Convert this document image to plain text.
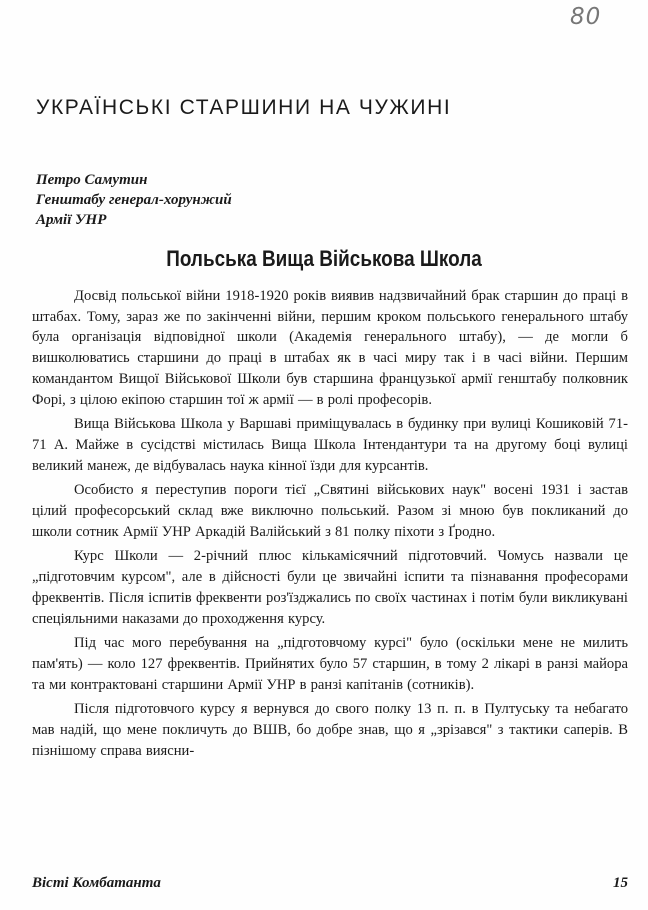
80
УКРАЇНСЬКІ СТАРШИНИ НА ЧУЖИНІ
Петро Самутин
Генштабу генерал-хорунжий
Армії УНР
Польська Вища Військова Школа

Досвід польської війни 1918-1920 років виявив надзвичайний брак старшин до праці в штабах. Тому, зараз же по закінченні війни, першим кроком польського генерального штабу була організація відповідної школи (Академія генерального штабу), — де могли б вишколюватись старшини до праці в штабах як в часі миру так і в часі війни. Першим командантом Вищої Військової Школи був старшина французької армії генштабу полковник Форі, з цілою екіпою старшин тої ж армії — в ролі професорів.

Вища Військова Школа у Варшаві приміщувалась в будинку при вулиці Кошиковій 71-71 А. Майже в сусідстві містилась Вища Школа Інтендантури та на другому боці вулиці великий манеж, де відбувалась наука кінної їзди для курсантів.

Особисто я переступив пороги тієї „Святині військових наук" восені 1931 і застав цілий професорський склад вже виключно польський. Разом зі мною був покликаний до школи сотник Армії УНР Аркадій Валійський з 81 полку піхоти з Ґродно.

Курс Школи — 2-річний плюс кількамісячний підготовчий. Чомусь назвали це „підготовчим курсом", але в дійсності були це звичайні іспити та пізнавання професорами фреквентів. Після іспитів фреквенти роз'їзджались по своїх частинах і потім були викликувані спеціяльними наказами до проходження курсу.

Під час мого перебування на „підготовчому курсі" було (оскільки мене не милить пам'ять) — коло 127 фреквентів. Прийнятих було 57 старшин, в тому 2 лікарі в ранзі майора та ми контрактовані старшини Армії УНР в ранзі капітанів (сотників).

Після підготовчого курсу я вернувся до свого полку 13 п. п. в Пултуську та небагато мав надій, що мене покличуть до ВШВ, бо добре знав, що я „зрізався" з тактики саперів. В пізнішому справа виясни-

Вісті Комбатанта	15
